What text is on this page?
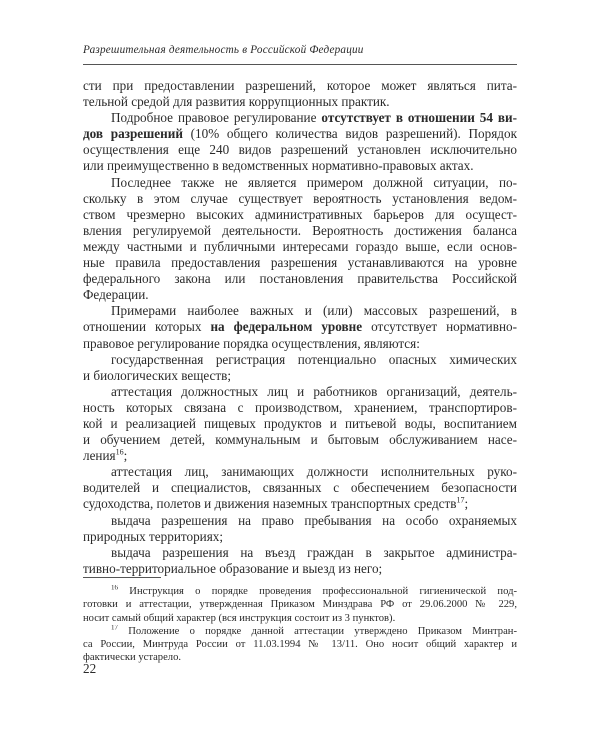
Разрешительная деятельность в Российской Федерации
сти при предоставлении разрешений, которое может являться пита-
тельной средой для развития коррупционных практик.
Подробное правовое регулирование отсутствует в отношении 54 ви-
дов разрешений (10% общего количества видов разрешений). Порядок
осуществления еще 240 видов разрешений установлен исключительно
или преимущественно в ведомственных нормативно-правовых актах.
Последнее также не является примером должной ситуации, по-
скольку в этом случае существует вероятность установления ведом-
ством чрезмерно высоких административных барьеров для осущест-
вления регулируемой деятельности. Вероятность достижения баланса
между частными и публичными интересами гораздо выше, если основ-
ные правила предоставления разрешения устанавливаются на уровне
федерального закона или постановления правительства Российской
Федерации.
Примерами наиболее важных и (или) массовых разрешений, в
отношении которых на федеральном уровне отсутствует нормативно-
правовое регулирование порядка осуществления, являются:
государственная регистрация потенциально опасных химических
и биологических веществ;
аттестация должностных лиц и работников организаций, деятель-
ность которых связана с производством, хранением, транспортиров-
кой и реализацией пищевых продуктов и питьевой воды, воспитанием
и обучением детей, коммунальным и бытовым обслуживанием насе-
ления$^{16}$;
аттестация лиц, занимающих должности исполнительных руко-
водителей и специалистов, связанных с обеспечением безопасности
судоходства, полетов и движения наземных транспортных средств$^{17}$;
выдача разрешения на право пребывания на особо охраняемых
природных территориях;
выдача разрешения на въезд граждан в закрытое администра-
тивно-территориальное образование и выезд из него;
$^{16}$ Инструкция о порядке проведения профессиональной гигиенической под-
готовки и аттестации, утвержденная Приказом Минздрава РФ от 29.06.2000 № 229,
носит самый общий характер (вся инструкция состоит из 3 пунктов).
$^{17}$ Положение о порядке данной аттестации утверждено Приказом Минтран-
са России, Минтруда России от 11.03.1994 № 13/11. Оно носит общий характер и
фактически устарело.
22
